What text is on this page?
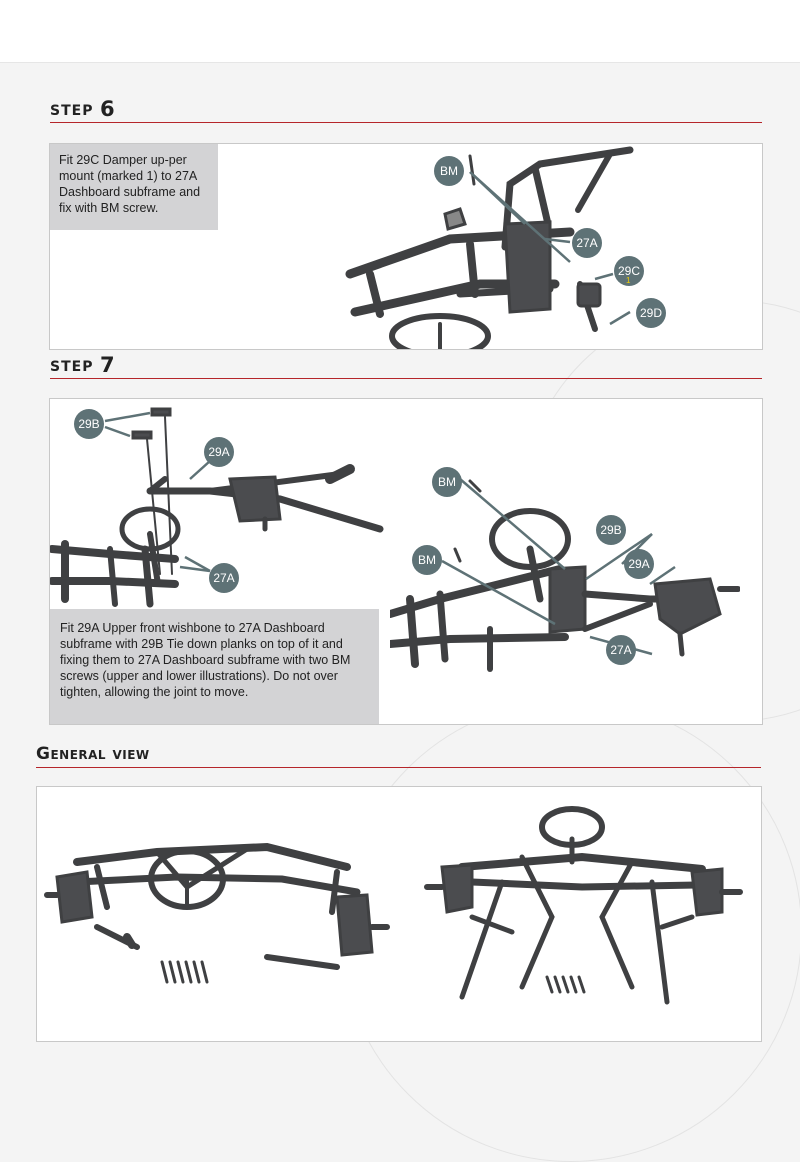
STEP 6
Fit 29C Damper up-per mount (marked 1) to 27A Dashboard subframe and fix with BM screw.
BM
27A
29C
1
29D
STEP 7
29B
29A
27A
Fit 29A Upper front wishbone to 27A Dashboard subframe with 29B Tie down planks on top of it and fixing them to 27A Dashboard subframe with two BM screws (upper and lower illustrations). Do not over tighten, allowing the joint to move.
BM
BM
29B
29A
27A
General view
